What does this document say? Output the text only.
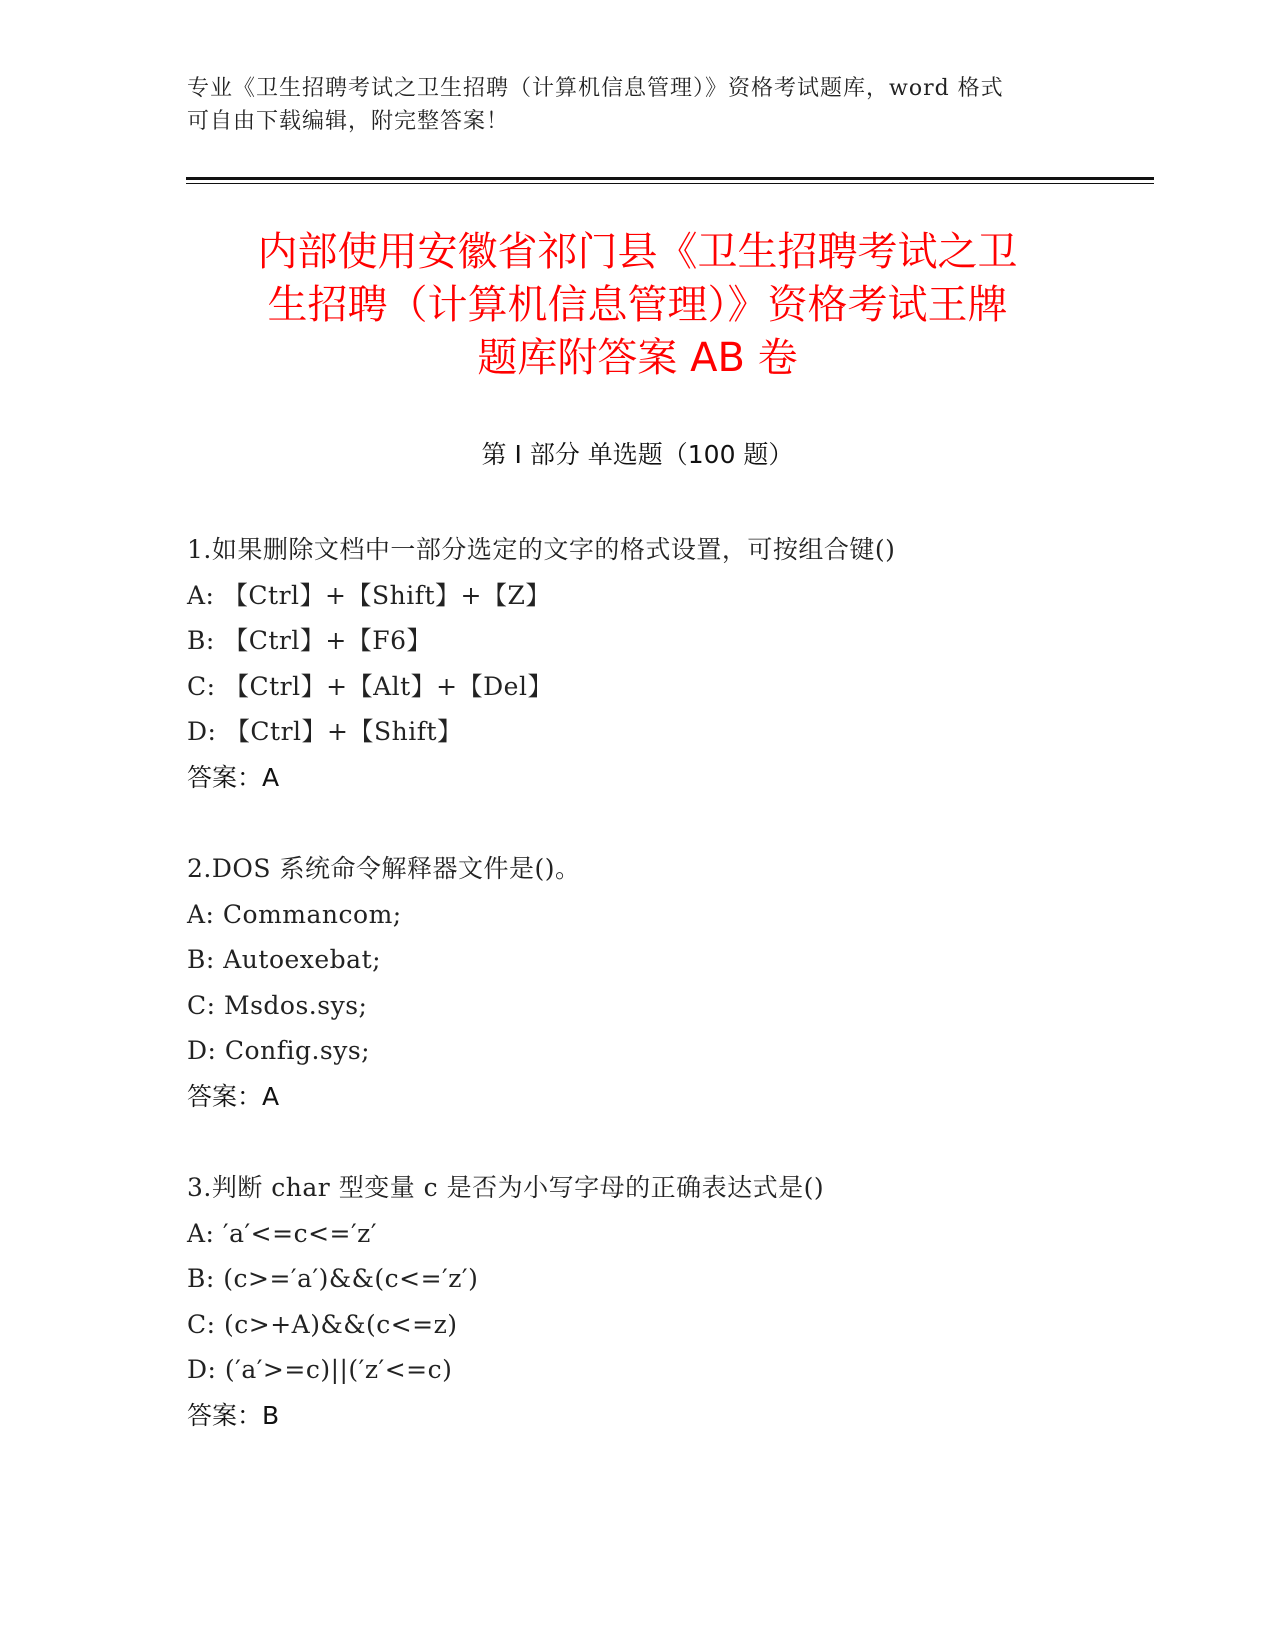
专业《卫生招聘考试之卫生招聘（计算机信息管理）》资格考试题库，word 格式
可自由下载编辑，附完整答案！
内部使用安徽省祁门县《卫生招聘考试之卫
生招聘（计算机信息管理）》资格考试王牌
题库附答案 AB 卷
第 I 部分 单选题（100 题）
1.如果删除文档中一部分选定的文字的格式设置，可按组合键()
A: 【Ctrl】+【Shift】+【Z】
B: 【Ctrl】+【F6】
C: 【Ctrl】+【Alt】+【Del】
D: 【Ctrl】+【Shift】
答案：A
2.DOS 系统命令解释器文件是()。
A: Commancom;
B: Autoexebat;
C: Msdos.sys;
D: Config.sys;
答案：A
3.判断 char 型变量 c 是否为小写字母的正确表达式是()
A: ′a′<=c<=′z′
B: (c>=′a′)&&(c<=′z′)
C: (c>+A)&&(c<=z)
D: (′a′>=c)||(′z′<=c)
答案：B
